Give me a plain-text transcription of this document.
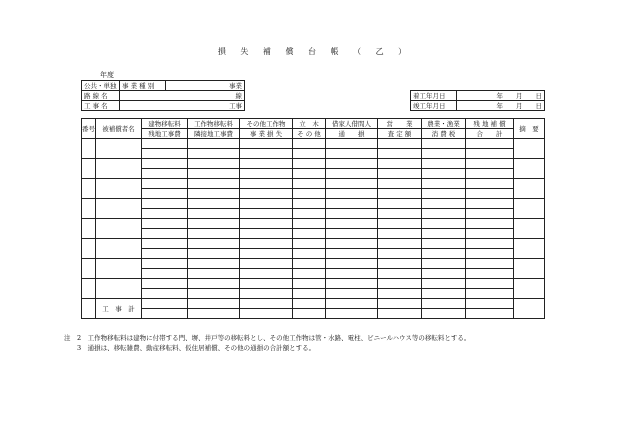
損 失 補 償 台 帳 （ 乙 ）
年度
公共・単独	事 業 種 別	事業
路 線 名	線	
工 事 名	工事	
着工年月日	年　　月　　日
竣工年月日	年　　月　　日
番号	被補償者名	建物移転料	工作物移転料	その他工作物	立　木	借家人借間人	営　　業	農業・漁業	残 地 補 償	摘　要
		残地工事費	隣接地工事費	事 業 損 失	そ の 他	通　　損	査 定 額	消 費 税	合　　計	

	工　事　計									

注　2　 工作物移転料は建物に付帯する門、塀、井戸等の移転料とし、その他工作物は管・水路、電柱、ビニールハウス等の移転料とする。
　　3　 通損は、移転雑費、動産移転料、仮住居補償、その他の通損の合計額とする。
